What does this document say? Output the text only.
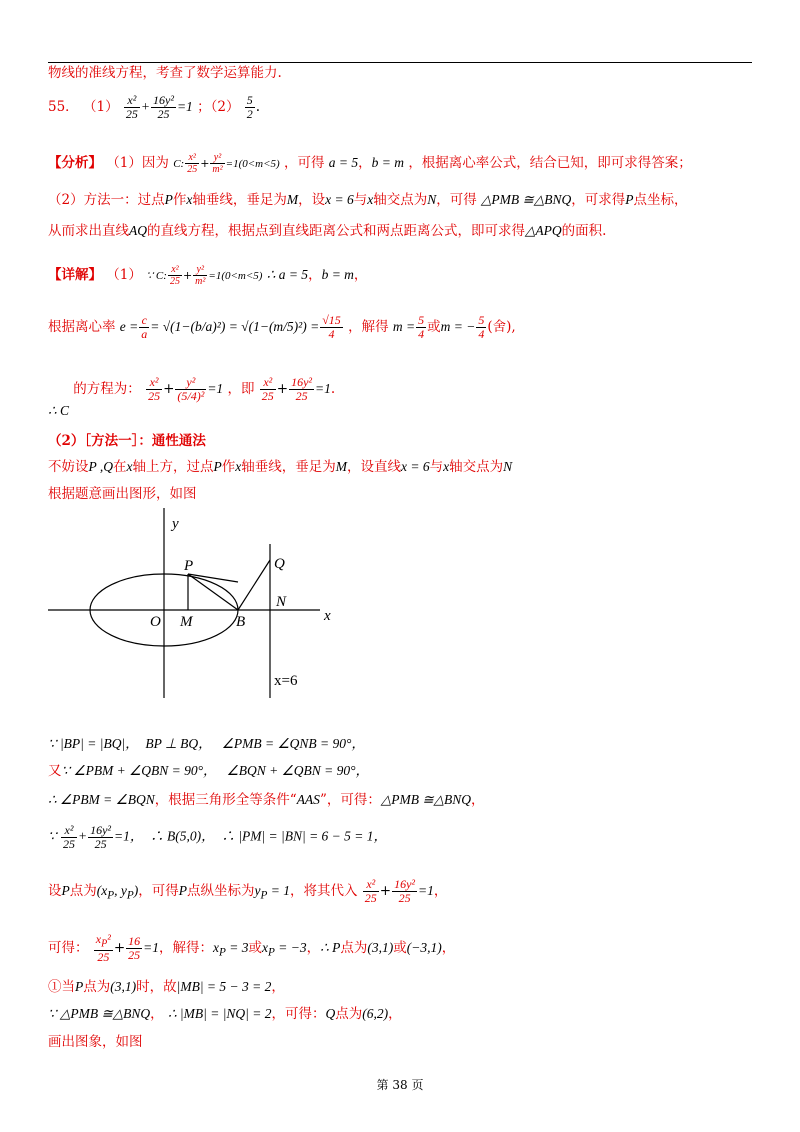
物线的准线方程，考查了数学运算能力.
55． $(1) \frac{\text{x²}}{25} + \frac{\text{16y²}}{25} =1$ ；$(2) \frac{5}{2}$ .
【分析】 （1）因为 C: $\frac{\text{x²}}{25} + \frac{\text{y²}}{\text{m²}} =1(0<m<5)$ ，可得 a = 5，b = m ，根据离心率公式，结合已知，即可求得答案；
（2）方法一：过点P作x轴垂线，垂足为M，设x = 6与x轴交点为N，可得 △PMB ≅△BNQ，可求得P点坐标，
从而求出直线AQ的直线方程，根据点到直线距离公式和两点距离公式，即可求得△APQ的面积.
【详解】 （1） ∵ C: $\frac{\text{x²}}{25} + \frac{\text{y²}}{\text{m²}} =1(0<m<5)$ ∴ a = 5，b = m，
根据离心率 $e = \frac{c}{a} = √(1-(b/a)^2) = √(1-(m/5)^2) = \frac{√15}{4}$ ，解得 $m = \frac{5}{4}$ 或m = − $\frac{5}{4}$ (舍),
∴ C 的方程为： $\frac{\text{x²}}{25} + \frac{\text{y²}}{\text{(5/4)²}} =1$ ，即 $\frac{\text{x²}}{25} + \frac{\text{16y²}}{25} =1$.
（2）［方法一］：通性通法
不妨设P ,Q在x轴上方，过点P作x轴垂线，垂足为M，设直线x = 6与x轴交点为N
根据题意画出图形，如图
y
x
O M	B
P	Q
N
x=6
∵ |BP| = |BQ|，  BP ⊥ BQ，   ∠PMB = ∠QNB = 90°，
又∵ ∠PBM + ∠QBN = 90°，   ∠BQN + ∠QBN = 90°，
∴ ∠PBM = ∠BQN，根据三角形全等条件“AAS”，可得：△PMB ≅△BNQ，
∵ $\frac{\text{x²}}{25} + \frac{\text{16y²}}{25} =1$，  ∴ B(5,0)，  ∴ |PM| = |BN| = 6 − 5 = 1，
设P点为($x_P$, $y_P$)，可得P点纵坐标为$y_P = 1$，将其代入 $\frac{\text{x²}}{25} + \frac{\text{16y²}}{25} =1$，
可得： $\frac{x_P^2}{25} + \frac{16}{25} =1$，解得：$x_P = 3$或$x_P = -3$，∴ P点为(3,1)或(−3,1)，
①当P点为(3,1)时，故|MB| = 5 − 3 = 2，
∵ △PMB ≅△BNQ， ∴ |MB| = |NQ| = 2，可得：Q点为(6,2)，
画出图象，如图
第 38 页
